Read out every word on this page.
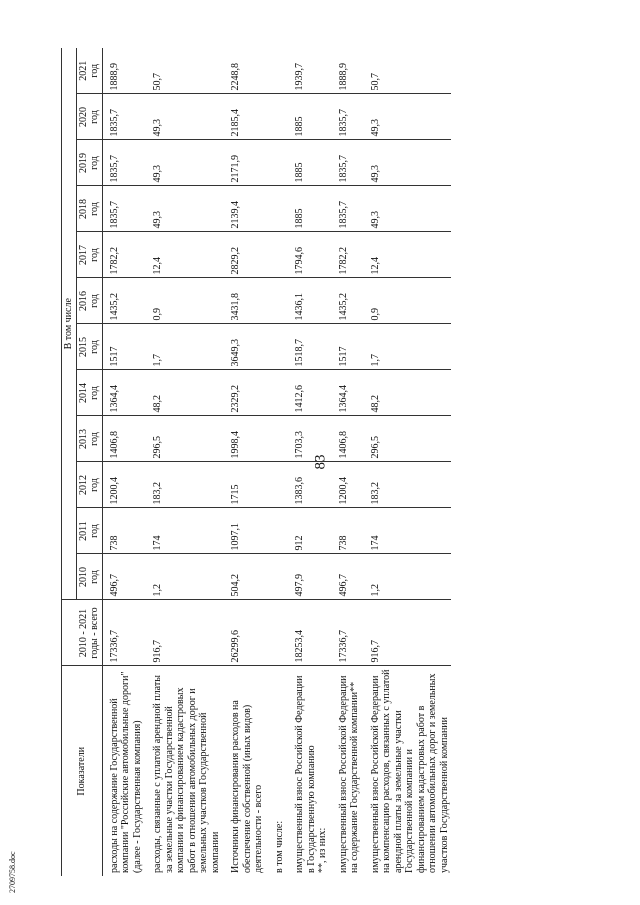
83
2709758.doc
Показатели	2010 - 2021 годы - всего	В том числе											

		2010 год	2011 год	2012 год	2013 год	2014 год	2015 год	2016 год	2017 год	2018 год	2019 год	2020 год	2021 год

расходы на содержание Государственной компании "Российские автомобильные дороги" (далее - Государственная компания)	17336,7	496,7	738	1200,4	1406,8	1364,4	1517	1435,2	1782,2	1835,7	1835,7	1835,7	1888,9
расходы, связанные с уплатой арендной платы за земельные участки Государственной компании и финансированием кадастровых работ в отношении автомобильных дорог и земельных участков Государственной компании	916,7	1,2	174	183,2	296,5	48,2	1,7	0,9	12,4	49,3	49,3	49,3	50,7
Источники финансирования расходов на обеспечение собственной (иных видов) деятельности - всего	26299,6	504,2	1097,1	1715	1998,4	2329,2	3649,3	3431,8	2829,2	2139,4	2171,9	2185,4	2248,8
в том числе:													
имущественный взнос Российской Федерации в Государственную компанию **, из них:	18253,4	497,9	912	1383,6	1703,3	1412,6	1518,7	1436,1	1794,6	1885	1885	1885	1939,7
имущественный взнос Российской Федерации на содержание Государственной компании**	17336,7	496,7	738	1200,4	1406,8	1364,4	1517	1435,2	1782,2	1835,7	1835,7	1835,7	1888,9
имущественный взнос Российской Федерации на компенсацию расходов, связанных с уплатой арендной платы за земельные участки Государственной компании и финансированием кадастровых работ в отношении автомобильных дорог и земельных участков Государственной компании	916,7	1,2	174	183,2	296,5	48,2	1,7	0,9	12,4	49,3	49,3	49,3	50,7
